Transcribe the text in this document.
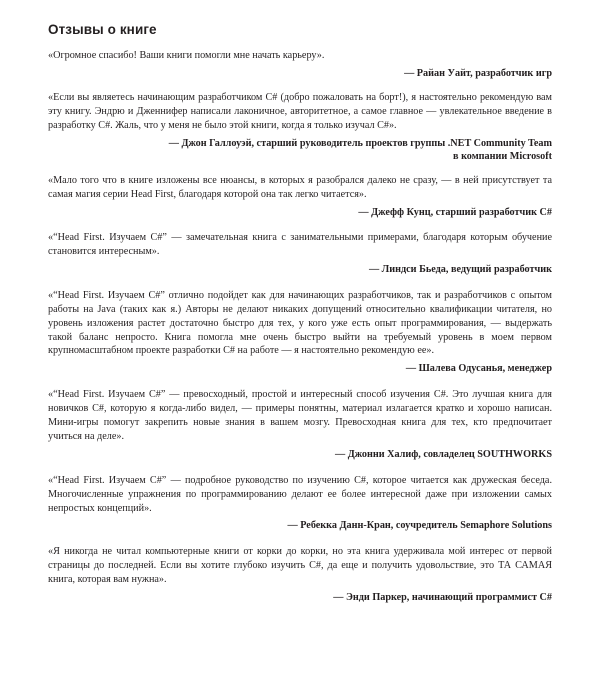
Отзывы о книге

«Огромное спасибо! Ваши книги помогли мне начать карьеру».

— Райан Уайт, разработчик игр

«Если вы являетесь начинающим разработчиком C# (добро пожаловать на борт!), я настоятельно рекомендую вам эту книгу. Эндрю и Дженнифер написали лаконичное, авторитетное, а самое главное — увлекательное введение в разработку C#. Жаль, что у меня не было этой книги, когда я только изучал C#».

— Джон Галлоуэй, старший руководитель проектов группы .NET Community Team
в компании Microsoft

«Мало того что в книге изложены все нюансы, в которых я разобрался далеко не сразу, — в ней присутствует та самая магия серии Head First, благодаря которой она так легко читается».

— Джефф Кунц, старший разработчик C#

«“Head First. Изучаем C#” — замечательная книга с занимательными примерами, благодаря которым обучение становится интересным».

— Линдси Бьеда, ведущий разработчик

«“Head First. Изучаем C#” отлично подойдет как для начинающих разработчиков, так и разработчиков с опытом работы на Java (таких как я.) Авторы не делают никаких допущений относительно квалификации читателя, но уровень изложения растет достаточно быстро для тех, у кого уже есть опыт программирования, — выдержать такой баланс непросто. Книга помогла мне очень быстро выйти на требуемый уровень в моем первом крупномасштабном проекте разработки C# на работе — я настоятельно рекомендую ее».

— Шалева Одусанья, менеджер

«“Head First. Изучаем C#” — превосходный, простой и интересный способ изучения C#. Это лучшая книга для новичков C#, которую я когда-либо видел, — примеры понятны, материал излагается кратко и хорошо написан. Мини-игры помогут закрепить новые знания в вашем мозгу. Превосходная книга для тех, кто предпочитает учиться на деле».

— Джонни Халиф, совладелец SOUTHWORKS

«“Head First. Изучаем C#” — подробное руководство по изучению C#, которое читается как дружеская беседа. Многочисленные упражнения по программированию делают ее более интересной даже при изложении самых непростых концепций».

— Ребекка Данн-Кран, соучредитель Semaphore Solutions

«Я никогда не читал компьютерные книги от корки до корки, но эта книга удерживала мой интерес от первой страницы до последней. Если вы хотите глубоко изучить C#, да еще и получить удовольствие, это ТА САМАЯ книга, которая вам нужна».

— Энди Паркер, начинающий программист C#
